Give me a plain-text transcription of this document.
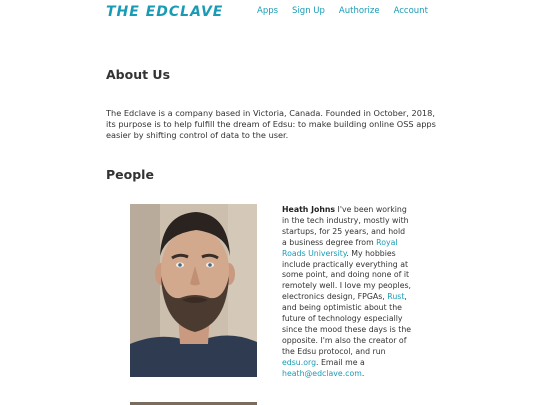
THE EDCLAVE	Apps Sign Up Authorize Account
About Us

The Edclave is a company based in Victoria, Canada. Founded in October, 2018, its purpose is to help fulfill the dream of Edsu: to make building online OSS apps easier by shifting control of data to the user.

People
Heath Johns I've been working in the tech industry, mostly with startups, for 25 years, and hold a business degree from Royal Roads University. My hobbies include practically everything at some point, and doing none of it remotely well. I love my peoples, electronics design, FPGAs, Rust, and being optimistic about the future of technology especially since the mood these days is the opposite. I'm also the creator of the Edsu protocol, and run edsu.org. Email me a heath@edclave.com.
